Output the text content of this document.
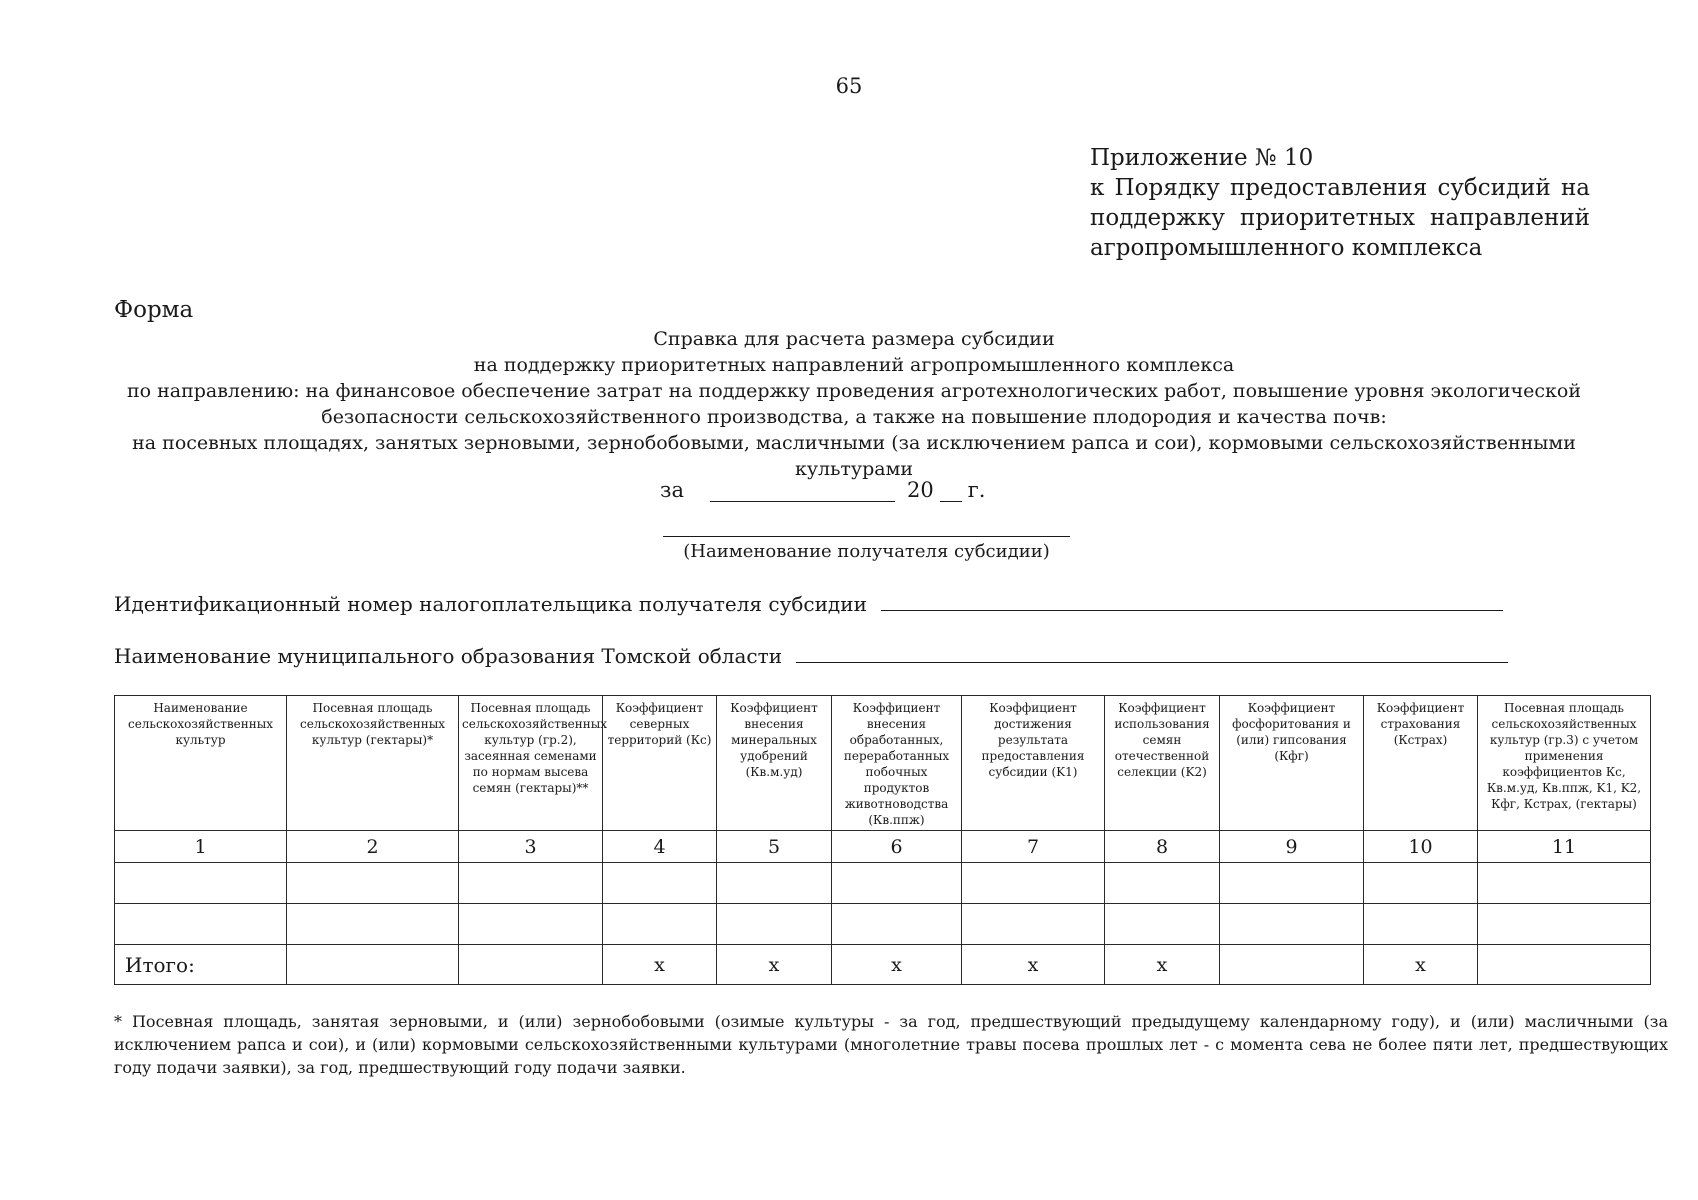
65
Приложение № 10
к Порядку предоставления субсидий на
поддержку приоритетных направлений
агропромышленного комплекса
Форма
Справка для расчета размера субсидии
на поддержку приоритетных направлений агропромышленного комплекса
по направлению: на финансовое обеспечение затрат на поддержку проведения агротехнологических работ, повышение уровня экологической
безопасности сельскохозяйственного производства, а также на повышение плодородия и качества почв:
на посевных площадях, занятых зерновыми, зернобобовыми, масличными (за исключением рапса и сои), кормовыми сельскохозяйственными
культурами
за	20 г.
(Наименование получателя субсидии)
Идентификационный номер налогоплательщика получателя субсидии
Наименование муниципального образования Томской области
Наименование сельскохозяйственных культур	Посевная площадь сельскохозяйственных культур (гектары)*	Посевная площадь сельскохозяйственных культур (гр.2), засеянная семенами по нормам высева семян (гектары)**	Коэффициент северных территорий (Кс)	Коэффициент внесения минеральных удобрений (Кв.м.уд)	Коэффициент внесения обработанных, переработанных побочных продуктов животноводства (Кв.ппж)	Коэффициент достижения результата предоставления субсидии (K1)	Коэффициент использования семян отечественной селекции (K2)	Коэффициент фосфоритования и (или) гипсования (Кфг)	Коэффициент страхования (Кстрах)	Посевная площадь сельскохозяйственных культур (гр.3) с учетом применения коэффициентов Кс, Кв.м.уд, Кв.ппж, K1, K2, Кфг, Кстрах, (гектары)
1	2	3	4	5	6	7	8	9	10	11

Итого:			x	x	x	x	x		x	
* Посевная площадь, занятая зерновыми, и (или) зернобобовыми (озимые культуры - за год, предшествующий предыдущему календарному году), и (или) масличными (за исключением рапса и сои), и (или) кормовыми сельскохозяйственными культурами (многолетние травы посева прошлых лет - с момента сева не более пяти лет, предшествующих году подачи заявки), за год, предшествующий году подачи заявки.
